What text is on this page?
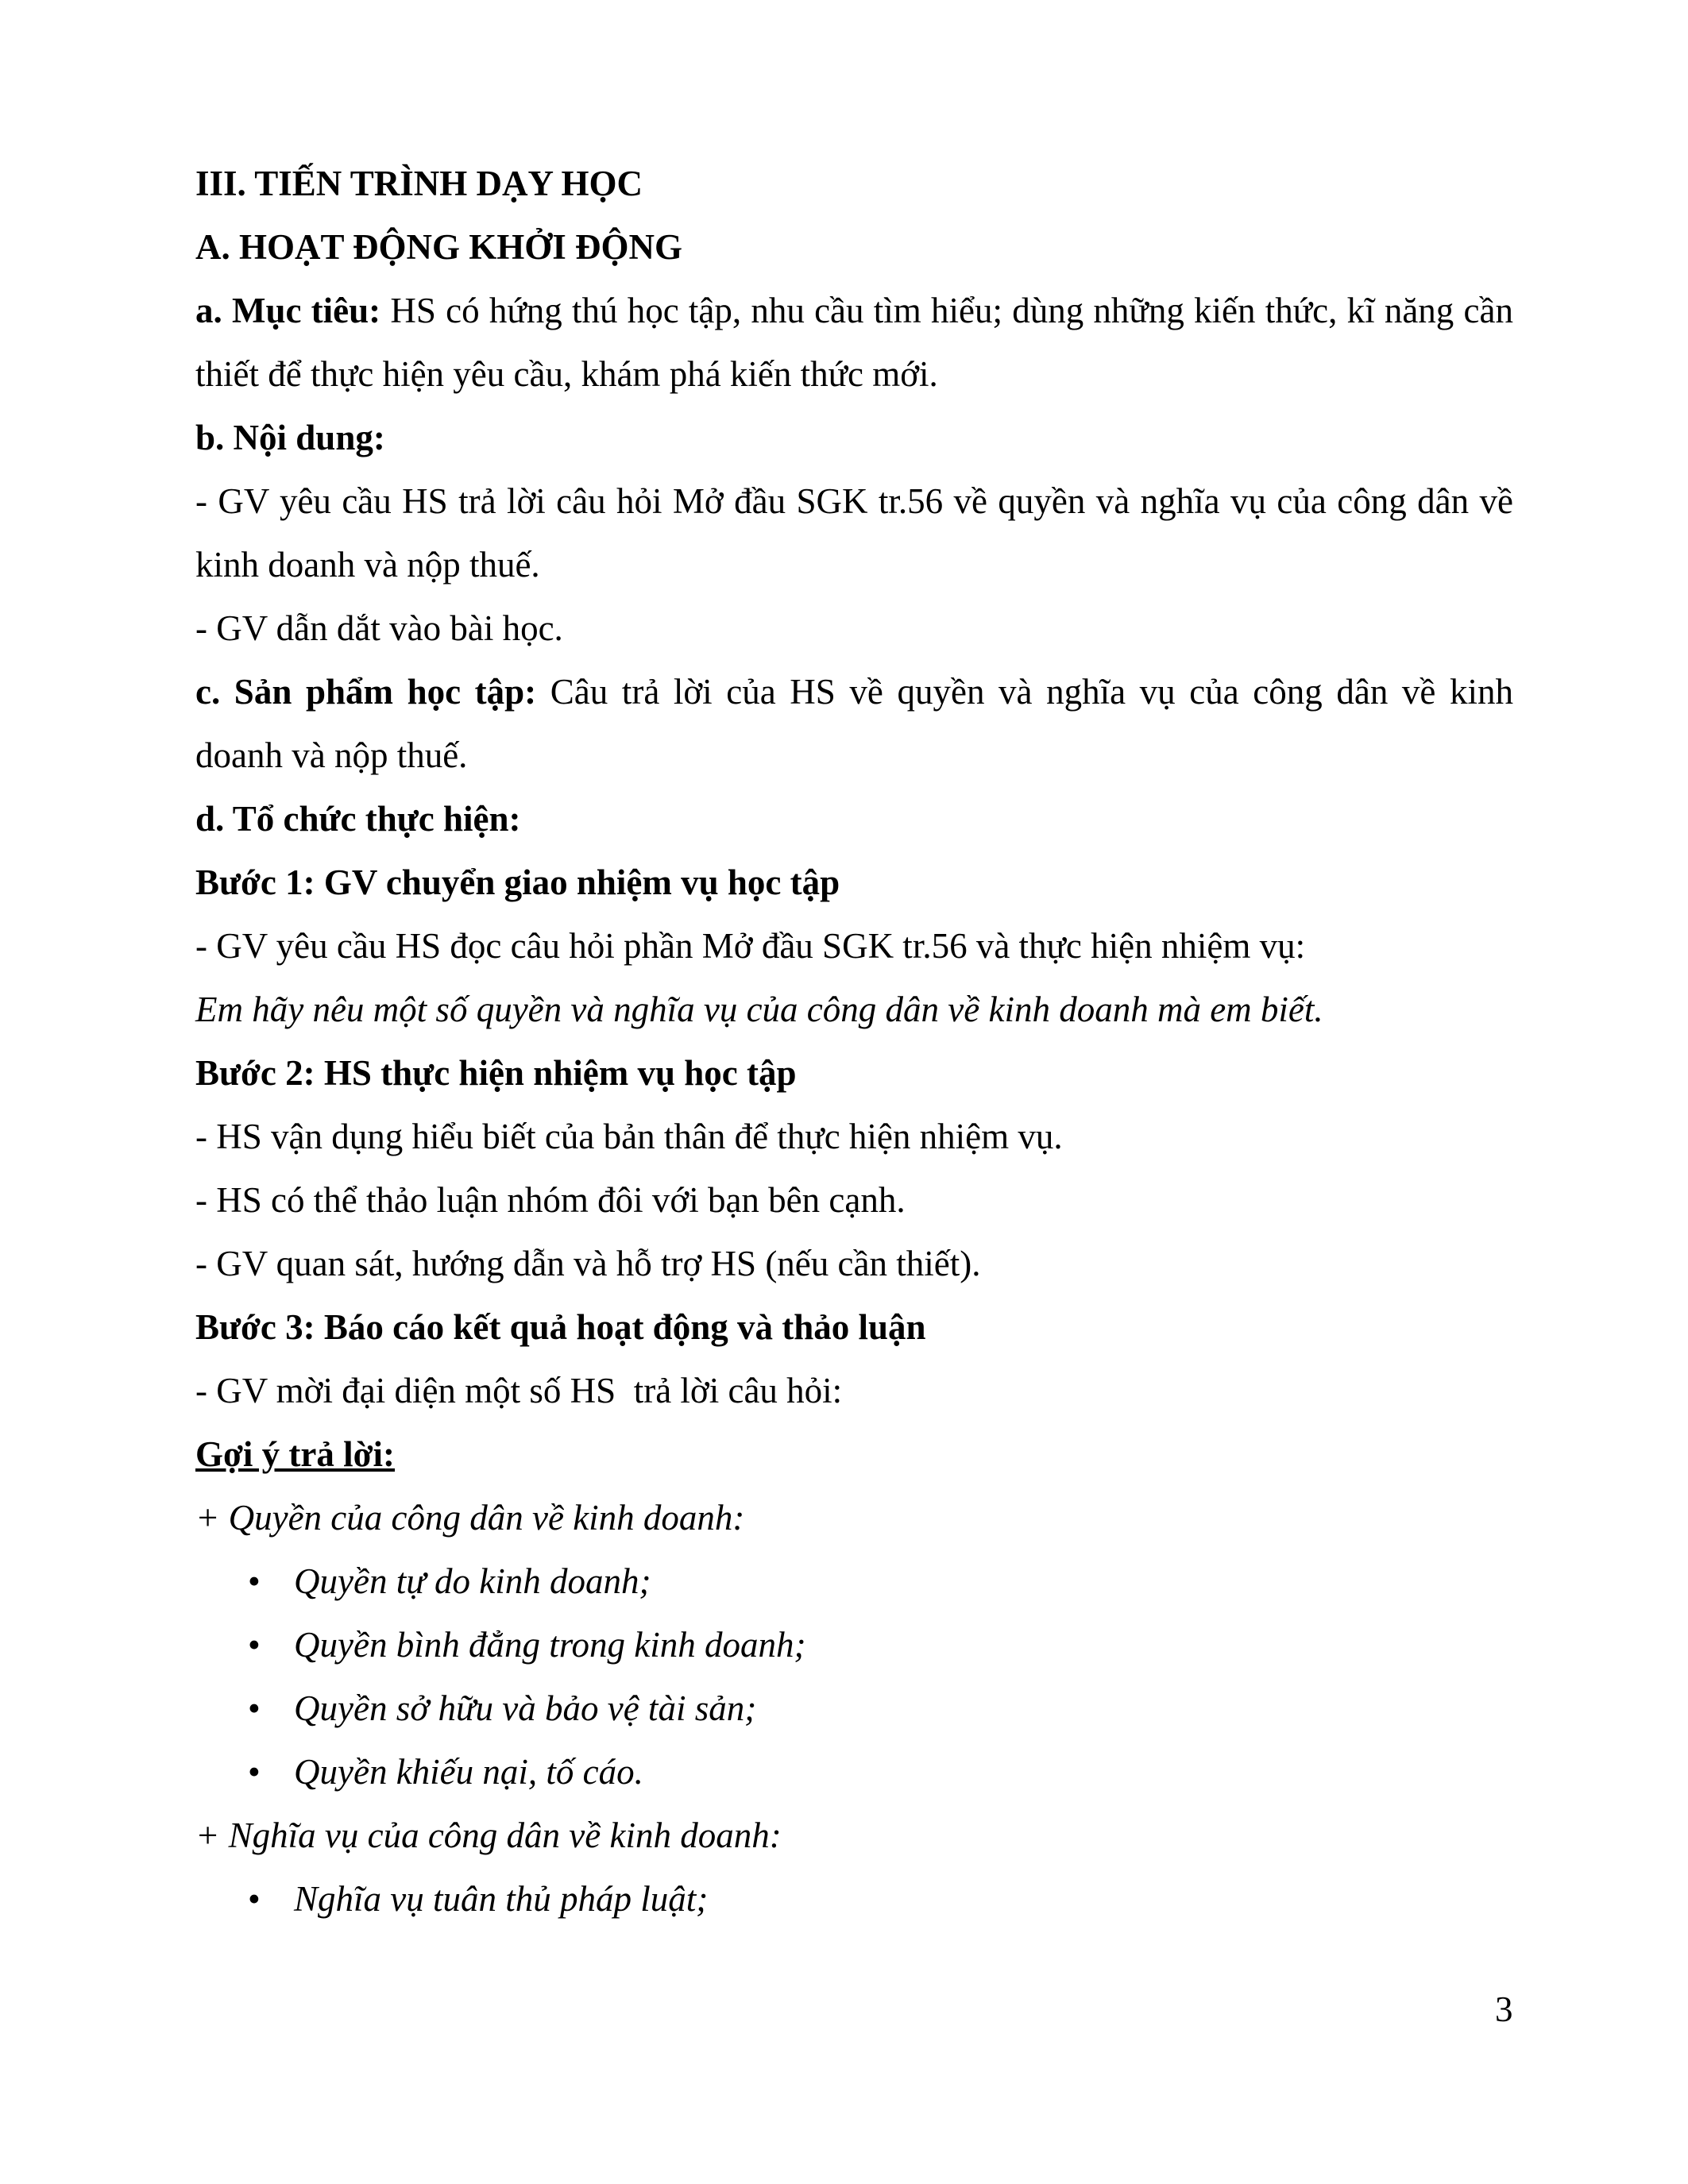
III. TIẾN TRÌNH DẠY HỌC

A. HOẠT ĐỘNG KHỞI ĐỘNG

a. Mục tiêu: HS có hứng thú học tập, nhu cầu tìm hiểu; dùng những kiến thức, kĩ năng cần thiết để thực hiện yêu cầu, khám phá kiến thức mới.

b. Nội dung:

- GV yêu cầu HS trả lời câu hỏi Mở đầu SGK tr.56 về quyền và nghĩa vụ của công dân về kinh doanh và nộp thuế.

- GV dẫn dắt vào bài học.

c. Sản phẩm học tập: Câu trả lời của HS về quyền và nghĩa vụ của công dân về kinh doanh và nộp thuế.

d. Tổ chức thực hiện:

Bước 1: GV chuyển giao nhiệm vụ học tập

- GV yêu cầu HS đọc câu hỏi phần Mở đầu SGK tr.56 và thực hiện nhiệm vụ:

Em hãy nêu một số quyền và nghĩa vụ của công dân về kinh doanh mà em biết.

Bước 2: HS thực hiện nhiệm vụ học tập

- HS vận dụng hiểu biết của bản thân để thực hiện nhiệm vụ.

- HS có thể thảo luận nhóm đôi với bạn bên cạnh.

- GV quan sát, hướng dẫn và hỗ trợ HS (nếu cần thiết).

Bước 3: Báo cáo kết quả hoạt động và thảo luận

- GV mời đại diện một số HS  trả lời câu hỏi:

Gợi ý trả lời:

+ Quyền của công dân về kinh doanh:

• Quyền tự do kinh doanh;

• Quyền bình đẳng trong kinh doanh;

• Quyền sở hữu và bảo vệ tài sản;

• Quyền khiếu nại, tố cáo.

+ Nghĩa vụ của công dân về kinh doanh:

• Nghĩa vụ tuân thủ pháp luật;

3
